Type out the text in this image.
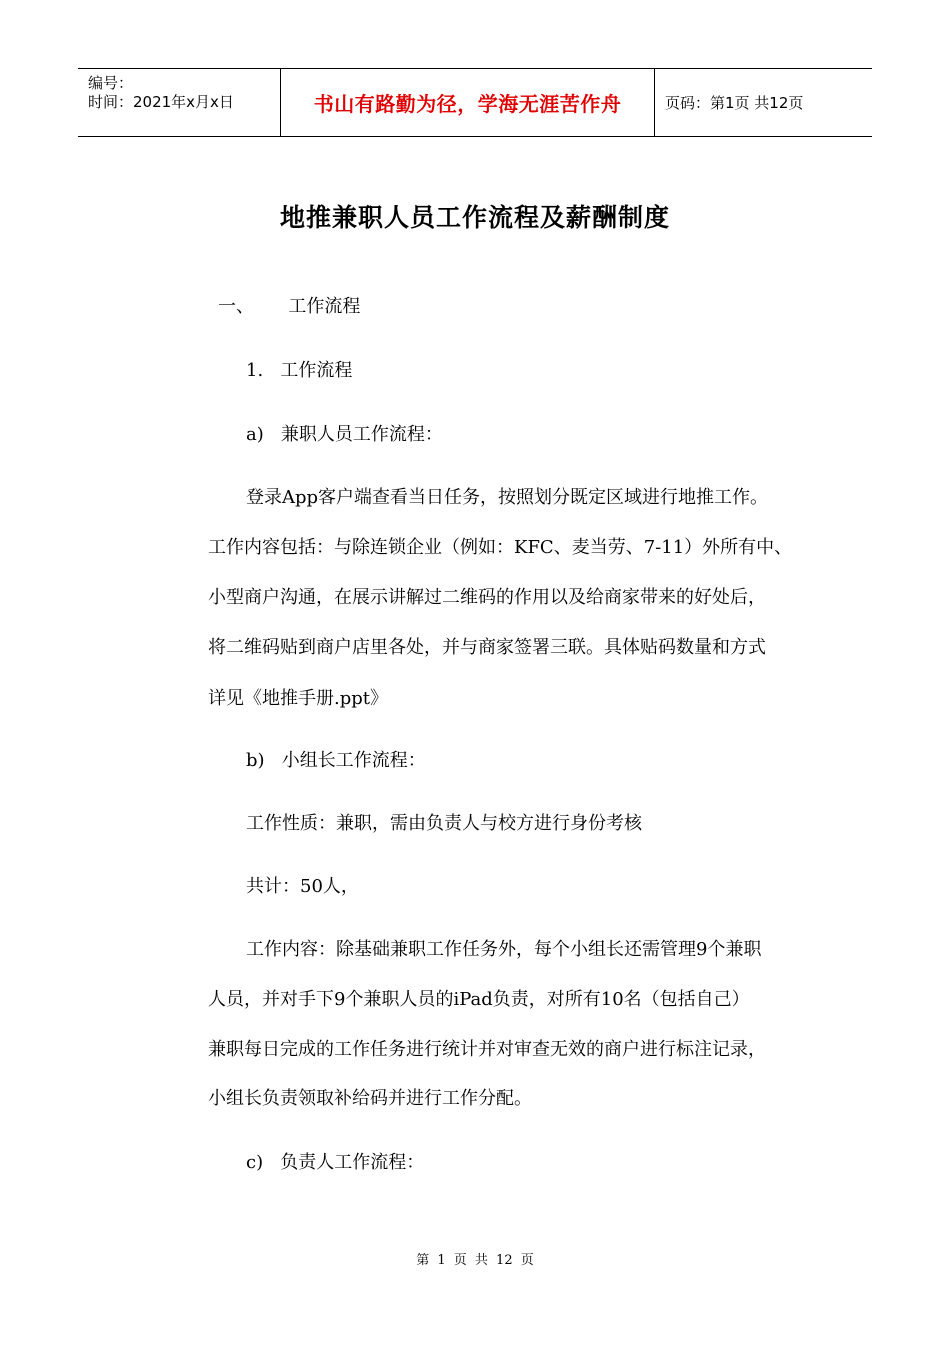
编号：
时间：2021年x月x日	书山有路勤为径，学海无涯苦作舟	页码：第1页 共12页
地推兼职人员工作流程及薪酬制度
一、      工作流程
1.   工作流程
a)   兼职人员工作流程：
登录App客户端查看当日任务，按照划分既定区域进行地推工作。
工作内容包括：与除连锁企业（例如：KFC、麦当劳、7-11）外所有中、
小型商户沟通，在展示讲解过二维码的作用以及给商家带来的好处后，
将二维码贴到商户店里各处，并与商家签署三联。具体贴码数量和方式
详见《地推手册.ppt》
b)   小组长工作流程：
工作性质：兼职，需由负责人与校方进行身份考核
共计：50人，
工作内容：除基础兼职工作任务外，每个小组长还需管理9个兼职
人员，并对手下9个兼职人员的iPad负责，对所有10名（包括自己）
兼职每日完成的工作任务进行统计并对审查无效的商户进行标注记录，
小组长负责领取补给码并进行工作分配。
c)   负责人工作流程：
第 1 页 共 12 页
